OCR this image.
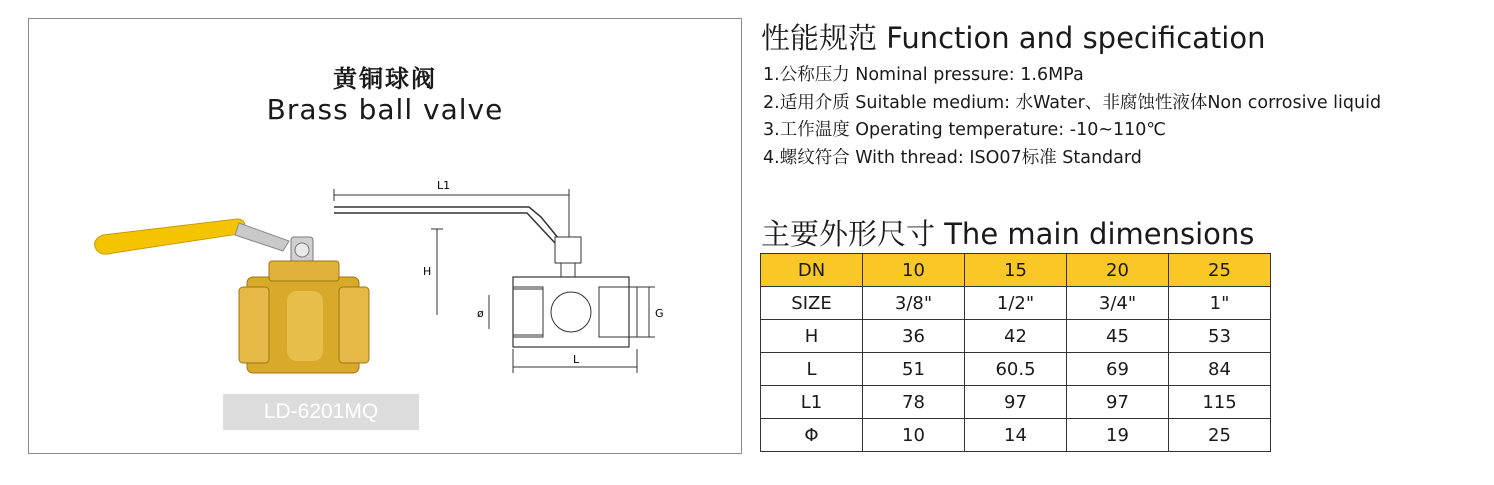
黄铜球阀
Brass ball valve
L1
H
ø	G
L
LD-6201MQ
性能规范 Function and specification
1.公称压力 Nominal pressure: 1.6MPa
2.适用介质 Suitable medium: 水Water、非腐蚀性液体Non corrosive liquid
3.工作温度 Operating temperature: -10~110℃
4.螺纹符合 With thread: ISO07标准 Standard
主要外形尺寸 The main dimensions
DN	10	15	20	25
SIZE	3/8"	1/2"	3/4"	1"
H	36	42	45	53
L	51	60.5	69	84
L1	78	97	97	115
Φ	10	14	19	25
